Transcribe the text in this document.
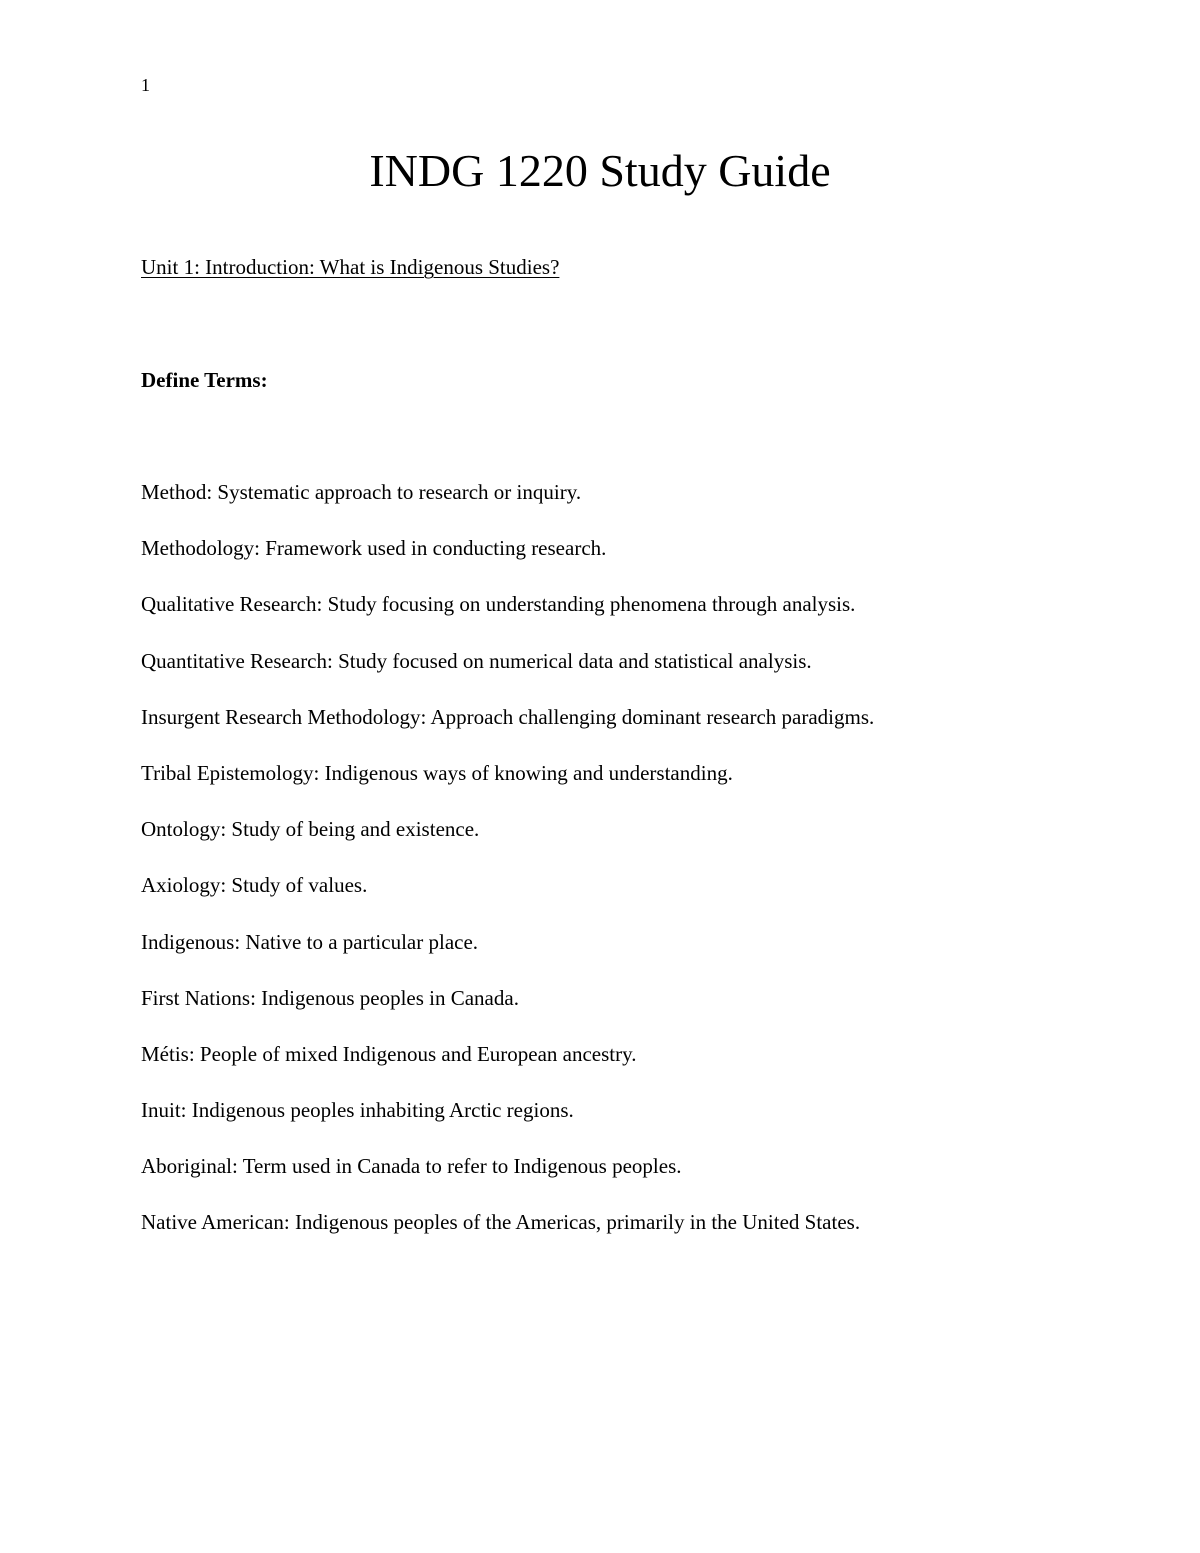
1
INDG 1220 Study Guide
Unit 1: Introduction: What is Indigenous Studies?
Define Terms:
Method: Systematic approach to research or inquiry.
Methodology: Framework used in conducting research.
Qualitative Research: Study focusing on understanding phenomena through analysis.
Quantitative Research: Study focused on numerical data and statistical analysis.
Insurgent Research Methodology: Approach challenging dominant research paradigms.
Tribal Epistemology: Indigenous ways of knowing and understanding.
Ontology: Study of being and existence.
Axiology: Study of values.
Indigenous: Native to a particular place.
First Nations: Indigenous peoples in Canada.
Métis: People of mixed Indigenous and European ancestry.
Inuit: Indigenous peoples inhabiting Arctic regions.
Aboriginal: Term used in Canada to refer to Indigenous peoples.
Native American: Indigenous peoples of the Americas, primarily in the United States.
